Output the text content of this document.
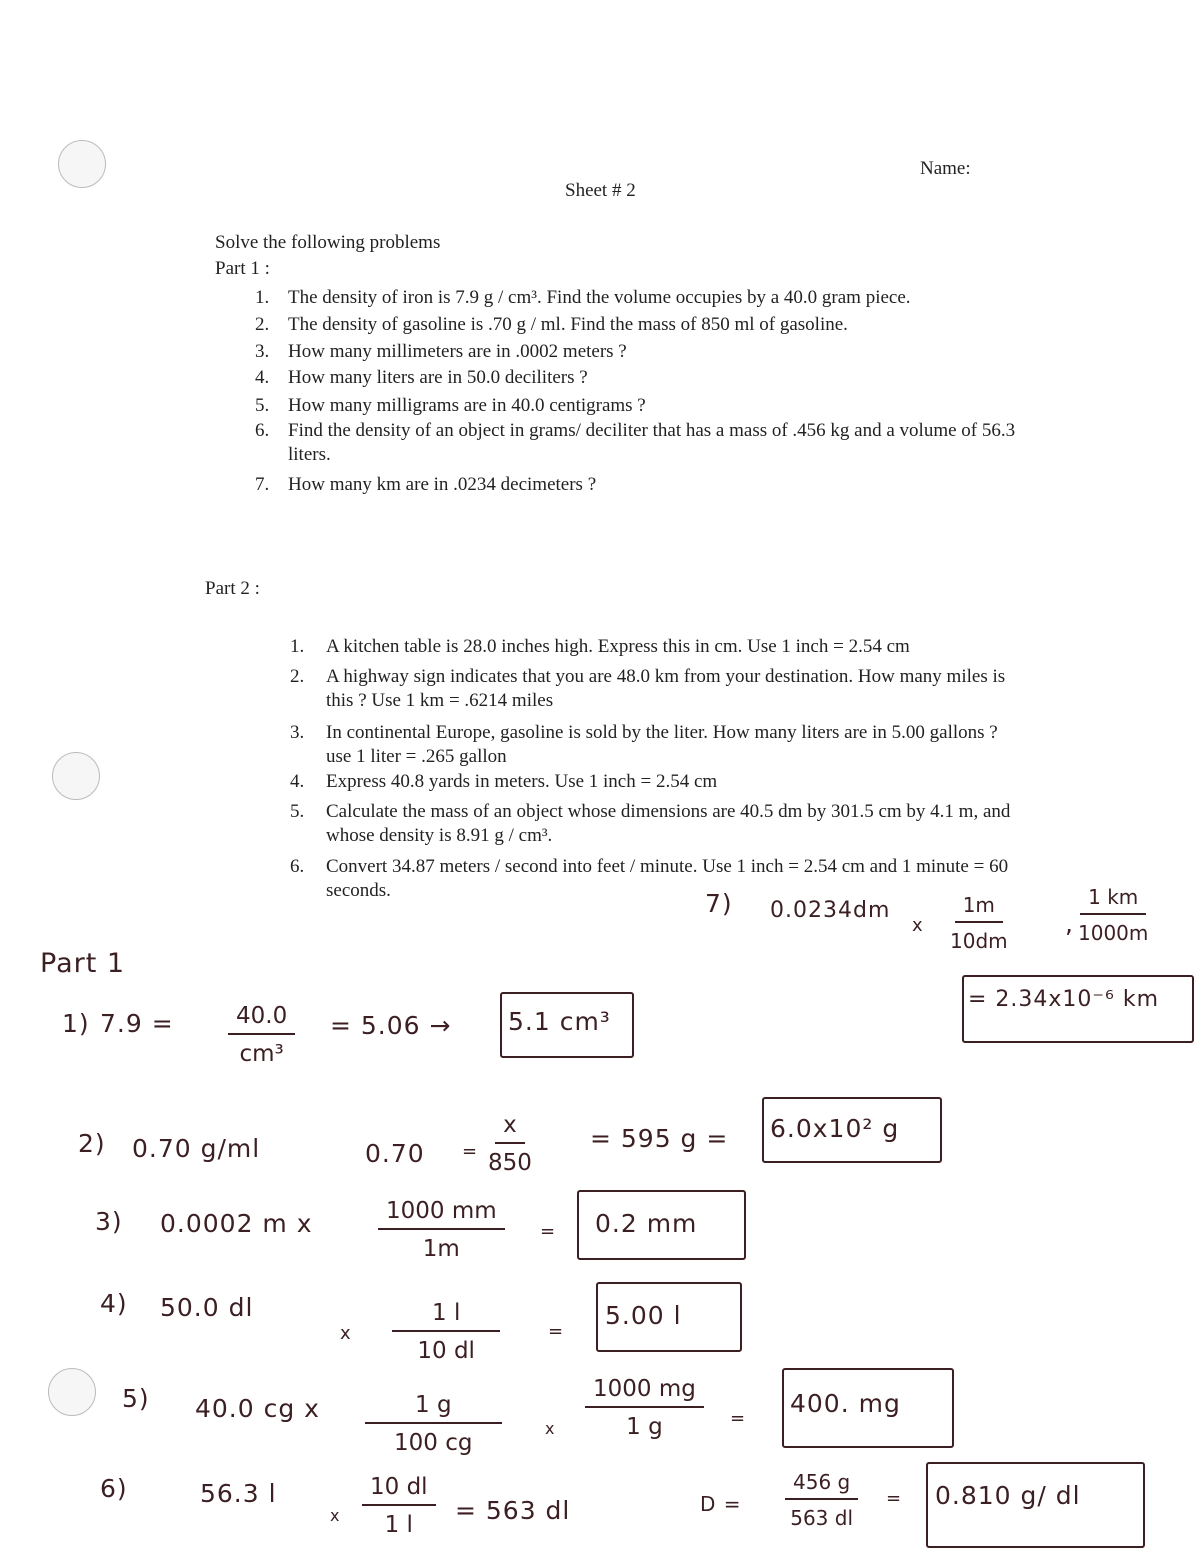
Name:
Sheet # 2
Solve the following problems
Part 1 :
1. The density of iron is 7.9 g / cm³. Find the volume occupies by a 40.0 gram piece.
2. The density of gasoline is .70 g / ml. Find the mass of 850 ml of gasoline.
3. How many millimeters are in .0002 meters ?
4. How many liters are in 50.0 deciliters ?
5. How many milligrams are in 40.0 centigrams ?
6. Find the density of an object in grams/ deciliter that has a mass of .456 kg and a volume of 56.3
liters.
7. How many km are in .0234 decimeters ?
Part 2 :
1. A kitchen table is 28.0 inches high. Express this in cm. Use 1 inch = 2.54 cm
2. A highway sign indicates that you are 48.0 km from your destination. How many miles is
this ? Use 1 km = .6214 miles
3. In continental Europe, gasoline is sold by the liter. How many liters are in 5.00 gallons ?
use 1 liter = .265 gallon
4. Express 40.8 yards in meters. Use 1 inch = 2.54 cm
5. Calculate the mass of an object whose dimensions are 40.5 dm by 301.5 cm by 4.1 m, and
whose density is 8.91 g / cm³.
6. Convert 34.87 meters / second into feet / minute. Use 1 inch = 2.54 cm and 1 minute = 60
seconds.
Part 1
7) 0.0234dm
x $\frac{1m}{10dm}$ , $\frac{1 km}{1000m}$
= 2.34x10⁻⁶ km
1) $7.9 = \frac{40.0}{\text{cm³}} = 5.06 \to 5.1$ cm³
2) 0.70 g/ml	$0.70 = \frac{x}{850} = 595$ g = 6.0x10² g
3) 0.0002 m x	$\frac{1000 mm}{1m} = 0.2$ mm
4) 50.0 dl
x $\frac{1 l}{10 dl}$	=
5.00 l
5) 40.0 cg x $\frac{1 g}{100 cg}$	x $\frac{1000 mg}{1 g}$ =
400. mg
6)	56.3 l
x $\frac{10 dl}{1 l} = 563$ dl	$D = \frac{456 g}{563 dl} = 0.810$ g/ dl
